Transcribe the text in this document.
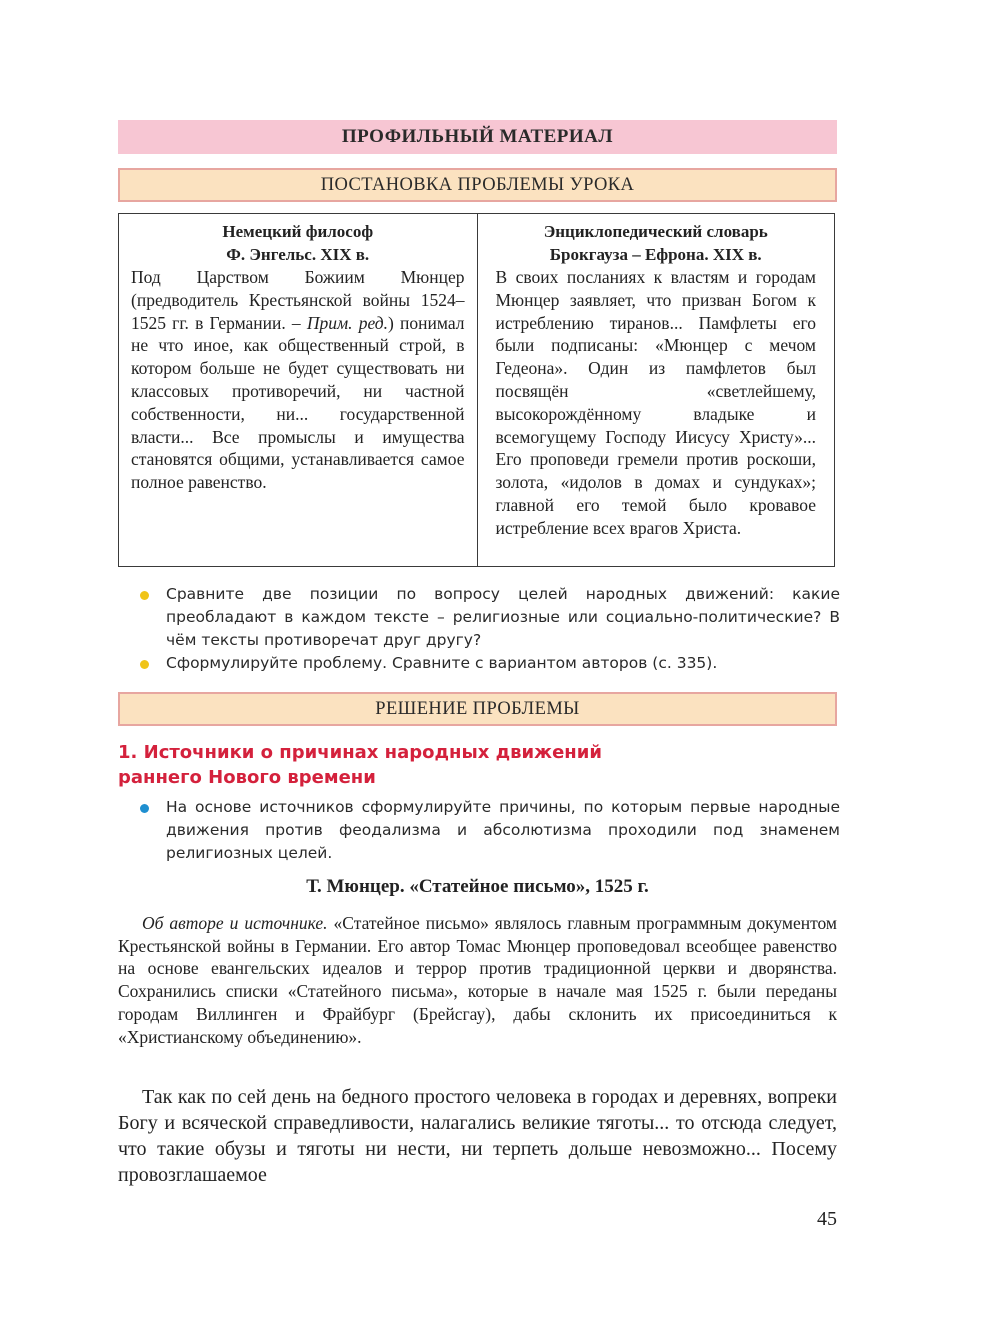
ПРОФИЛЬНЫЙ МАТЕРИАЛ
ПОСТАНОВКА ПРОБЛЕМЫ УРОКА
Немецкий философ
Ф. Энгельс. XIX в.
Под Царством Божиим Мюнцер (предводитель Крестьянской войны 1524–1525 гг. в Германии. – Прим. ред.) понимал не что иное, как общественный строй, в котором больше не будет существовать ни классовых противоречий, ни частной собственности, ни... государственной власти... Все промыслы и имущества становятся общими, устанавливается самое полное равенство.
Энциклопедический словарь
Брокгауза – Ефрона. XIX в.
В своих посланиях к властям и городам Мюнцер заявляет, что призван Богом к истреблению тиранов... Памфлеты его были подписаны: «Мюнцер с мечом Гедеона». Один из памфлетов был посвящён «светлейшему, высокорождённому владыке и всемогущему Господу Иисусу Христу»... Его проповеди гремели против роскоши, золота, «идолов в домах и сундуках»; главной его темой было кровавое истребление всех врагов Христа.
Сравните две позиции по вопросу целей народных движений: какие преобладают в каждом тексте – религиозные или социально-политические? В чём тексты противоречат друг другу?
Сформулируйте проблему. Сравните с вариантом авторов (с. 335).
РЕШЕНИЕ ПРОБЛЕМЫ
1. Источники о причинах народных движений
раннего Нового времени
На основе источников сформулируйте причины, по которым первые народные движения против феодализма и абсолютизма проходили под знаменем религиозных целей.
Т. Мюнцер. «Статейное письмо», 1525 г.
Об авторе и источнике. «Статейное письмо» являлось главным программным документом Крестьянской войны в Германии. Его автор Томас Мюнцер проповедовал всеобщее равенство на основе евангельских идеалов и террор против традиционной церкви и дворянства. Сохранились списки «Статейного письма», которые в начале мая 1525 г. были переданы городам Виллинген и Фрайбург (Брейсгау), дабы склонить их присоединиться к «Христианскому объединению».
Так как по сей день на бедного простого человека в городах и деревнях, вопреки Богу и всяческой справедливости, налагались великие тяготы... то отсюда следует, что такие обузы и тяготы ни нести, ни терпеть дольше невозможно... Посему провозглашаемое
45
